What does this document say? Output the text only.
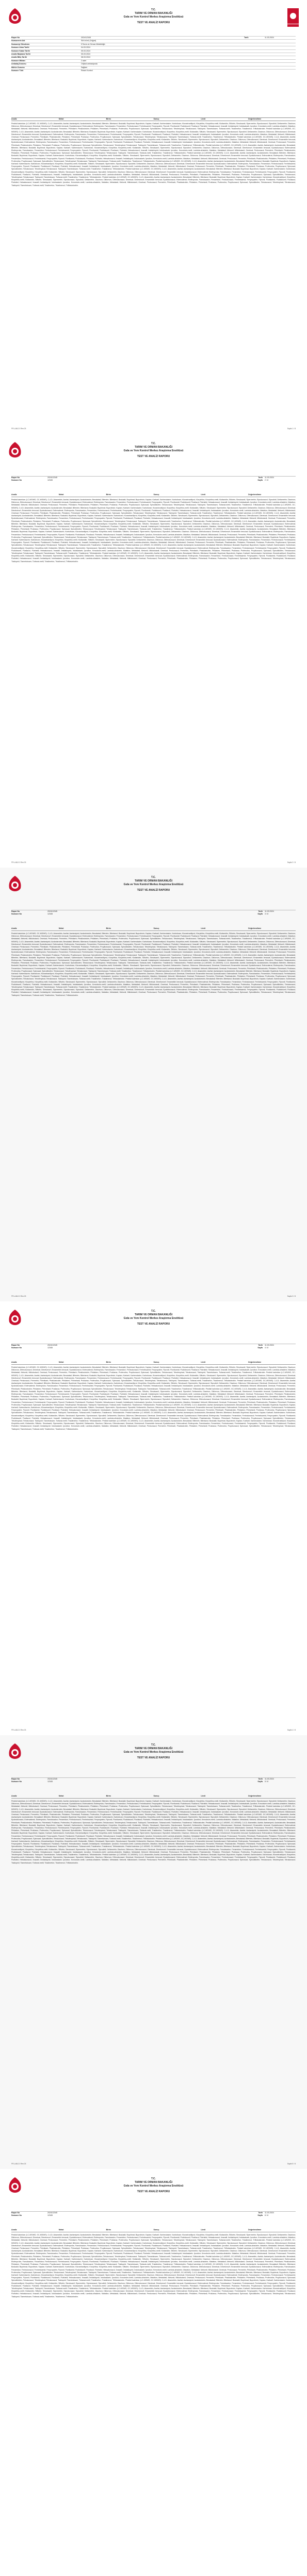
T.C.
TARIM VE ORMAN BAKANLIĞI
Gıda ve Yem Kontrol Merkez Araştırma Enstitüsü
TEST VE ANALİZ RAPORU
Rapor No	2024/12345	Tarih	11.03.2024
Numunenin Adı	Süt ürünü (Yoğurt)
Numuneyi Gönderen	İl Tarım ve Orman Müdürlüğü
Numune Alma Tarihi	04.03.2024
Numune Kabul Tarihi	05.03.2024
Analiz Başlama Tarihi	05.03.2024
Analiz Bitiş Tarihi	08.03.2024
Numune Miktarı	2 adet
Ambalaj Durumu	Orijinal ambalajında
Mühür Durumu	Sağlam
Numune Türü	Resmi Kontrol
Analiz	Metot	Birim	Sonuç	Limit	Değerlendirme
Pestisit kalıntıları (LC-MS/MS, GC-MS/MS): 2,4-D; Abamektin; Asefat; Asetamiprid; Azoksistrobin; Benalaksil; Bifentrin; Bitertanol; Boskalid; Bupirimat; Buprofezin; Kaptan; Karbaril; Karbendazim; Karbofuran; Klorantraniliprol; Klorpirifos; Klorpirifos-metil; Klotianidin; Siflutrin; Simoksanil; Sipermetrin; Siprokonazol; Siprodinil; Deltametrin; Diazinon; Diklorvos; Difenokonazol; Dimetoat; Dimetomorf; Emamektin benzoat; Epoksikonazol; Esfenvalerat; Etofenproks; Famoksadon; Fenamidon; Fenbukonazol; Fenheksamid; Fenpropatrin; Fipronil; Flonikamid; Fludioksonil; Flusilazol; Flutriafol; Heksakonazol; İmazalil; İmidakloprid; İndoksakarb; İprodion; Krezoksim-metil; Lambda-sihalotrin; Malation; Metalaksil; Metomil; Miklobutanil; Ometoat; Penkonazol; Permetrin; Pirimikarb; Piraklostrobin; Piridaben; Pirimetanil; Proklaraz; Profenofos; Propikonazol; Spinosad; Spirodiklofen; Tebukonazol; Tebufenpirad; Tetrakonazol; Tiakloprid; Tiametoksam; Tiofanat-metil; Triadimefon; Triadimenol; Trifloksistrobin. Pestisit kalıntıları (LC-MS/MS, GC-MS/MS): 2,4-D; Abamektin; Asefat; Asetamiprid; Azoksistrobin; Benalaksil; Bifentrin; Bitertanol; Boskalid; Bupirimat; Buprofezin; Kaptan; Karbaril; Karbendazim; Karbofuran; Klorantraniliprol; Klorpirifos; Klorpirifos-metil; Klotianidin; Siflutrin; Simoksanil; Sipermetrin; Siprokonazol; Siprodinil; Deltametrin; Diazinon; Diklorvos; Difenokonazol; Dimetoat; Dimetomorf; Emamektin benzoat; Epoksikonazol; Esfenvalerat; Etofenproks; Famoksadon; Fenamidon; Fenbukonazol; Fenheksamid; Fenpropatrin; Fipronil; Flonikamid; Fludioksonil; Flusilazol; Flutriafol; Heksakonazol; İmazalil; İmidakloprid; İndoksakarb; İprodion; Krezoksim-metil; Lambda-sihalotrin; Malation; Metalaksil; Metomil; Miklobutanil; Ometoat; Penkonazol; Permetrin; Pirimikarb; Piraklostrobin; Piridaben; Pirimetanil; Proklaraz; Profenofos; Propikonazol; Spinosad; Spirodiklofen; Tebukonazol; Tebufenpirad; Tetrakonazol; Tiakloprid; Tiametoksam; Tiofanat-metil; Triadimefon; Triadimenol; Trifloksistrobin. Pestisit kalıntıları (LC-MS/MS, GC-MS/MS): 2,4-D; Abamektin; Asefat; Asetamiprid; Azoksistrobin; Benalaksil; Bifentrin; Bitertanol; Boskalid; Bupirimat; Buprofezin; Kaptan; Karbaril; Karbendazim; Karbofuran; Klorantraniliprol; Klorpirifos; Klorpirifos-metil; Klotianidin; Siflutrin; Simoksanil; Sipermetrin; Siprokonazol; Siprodinil; Deltametrin; Diazinon; Diklorvos; Difenokonazol; Dimetoat; Dimetomorf; Emamektin benzoat; Epoksikonazol; Esfenvalerat; Etofenproks; Famoksadon; Fenamidon; Fenbukonazol; Fenheksamid; Fenpropatrin; Fipronil; Flonikamid; Fludioksonil; Flusilazol; Flutriafol; Heksakonazol; İmazalil; İmidakloprid; İndoksakarb; İprodion; Krezoksim-metil; Lambda-sihalotrin; Malation; Metalaksil; Metomil; Miklobutanil; Ometoat; Penkonazol; Permetrin; Pirimikarb; Piraklostrobin; Piridaben; Pirimetanil; Proklaraz; Profenofos; Propikonazol; Spinosad; Spirodiklofen; Tebukonazol; Tebufenpirad; Tetrakonazol; Tiakloprid; Tiametoksam; Tiofanat-metil; Triadimefon; Triadimenol; Trifloksistrobin. Pestisit kalıntıları (LC-MS/MS, GC-MS/MS): 2,4-D; Abamektin; Asefat; Asetamiprid; Azoksistrobin; Benalaksil; Bifentrin; Bitertanol; Boskalid; Bupirimat; Buprofezin; Kaptan; Karbaril; Karbendazim; Karbofuran; Klorantraniliprol; Klorpirifos; Klorpirifos-metil; Klotianidin; Siflutrin; Simoksanil; Sipermetrin; Siprokonazol; Siprodinil; Deltametrin; Diazinon; Diklorvos; Difenokonazol; Dimetoat; Dimetomorf; Emamektin benzoat; Epoksikonazol; Esfenvalerat; Etofenproks; Famoksadon; Fenamidon; Fenbukonazol; Fenheksamid; Fenpropatrin; Fipronil; Flonikamid; Fludioksonil; Flusilazol; Flutriafol; Heksakonazol; İmazalil; İmidakloprid; İndoksakarb; İprodion; Krezoksim-metil; Lambda-sihalotrin; Malation; Metalaksil; Metomil; Miklobutanil; Ometoat; Penkonazol; Permetrin; Pirimikarb; Piraklostrobin; Piridaben; Pirimetanil; Proklaraz; Profenofos; Propikonazol; Spinosad; Spirodiklofen; Tebukonazol; Tebufenpirad; Tetrakonazol; Tiakloprid; Tiametoksam; Tiofanat-metil; Triadimefon; Triadimenol; Trifloksistrobin. Pestisit kalıntıları (LC-MS/MS, GC-MS/MS): 2,4-D; Abamektin; Asefat; Asetamiprid; Azoksistrobin; Benalaksil; Bifentrin; Bitertanol; Boskalid; Bupirimat; Buprofezin; Kaptan; Karbaril; Karbendazim; Karbofuran; Klorantraniliprol; Klorpirifos; Klorpirifos-metil; Klotianidin; Siflutrin; Simoksanil; Sipermetrin; Siprokonazol; Siprodinil; Deltametrin; Diazinon; Diklorvos; Difenokonazol; Dimetoat; Dimetomorf; Emamektin benzoat; Epoksikonazol; Esfenvalerat; Etofenproks; Famoksadon; Fenamidon; Fenbukonazol; Fenheksamid; Fenpropatrin; Fipronil; Flonikamid; Fludioksonil; Flusilazol; Flutriafol; Heksakonazol; İmazalil; İmidakloprid; İndoksakarb; İprodion; Krezoksim-metil; Lambda-sihalotrin; Malation; Metalaksil; Metomil; Miklobutanil; Ometoat; Penkonazol; Permetrin; Pirimikarb; Piraklostrobin; Piridaben; Pirimetanil; Proklaraz; Profenofos; Propikonazol; Spinosad; Spirodiklofen; Tebukonazol; Tebufenpirad; Tetrakonazol; Tiakloprid; Tiametoksam; Tiofanat-metil; Triadimefon; Triadimenol; Trifloksistrobin. Pestisit kalıntıları (LC-MS/MS, GC-MS/MS): 2,4-D; Abamektin; Asefat; Asetamiprid; Azoksistrobin; Benalaksil; Bifentrin; Bitertanol; Boskalid; Bupirimat; Buprofezin; Kaptan; Karbaril; Karbendazim; Karbofuran; Klorantraniliprol; Klorpirifos; Klorpirifos-metil; Klotianidin; Siflutrin; Simoksanil; Sipermetrin; Siprokonazol; Siprodinil; Deltametrin; Diazinon; Diklorvos; Difenokonazol; Dimetoat; Dimetomorf; Emamektin benzoat; Epoksikonazol; Esfenvalerat; Etofenproks; Famoksadon; Fenamidon; Fenbukonazol; Fenheksamid; Fenpropatrin; Fipronil; Flonikamid; Fludioksonil; Flusilazol; Flutriafol; Heksakonazol; İmazalil; İmidakloprid; İndoksakarb; İprodion; Krezoksim-metil; Lambda-sihalotrin; Malation; Metalaksil; Metomil; Miklobutanil; Ometoat; Penkonazol; Permetrin; Pirimikarb; Piraklostrobin; Piridaben; Pirimetanil; Proklaraz; Profenofos; Propikonazol; Spinosad; Spirodiklofen; Tebukonazol; Tebufenpirad; Tetrakonazol; Tiakloprid; Tiametoksam; Tiofanat-metil; Triadimefon; Triadimenol; Trifloksistrobin. Pestisit kalıntıları (LC-MS/MS, GC-MS/MS): 2,4-D; Abamektin; Asefat; Asetamiprid; Azoksistrobin; Benalaksil; Bifentrin; Bitertanol; Boskalid; Bupirimat; Buprofezin; Kaptan; Karbaril; Karbendazim; Karbofuran; Klorantraniliprol; Klorpirifos; Klorpirifos-metil; Klotianidin; Siflutrin; Simoksanil; Sipermetrin; Siprokonazol; Siprodinil; Deltametrin; Diazinon; Diklorvos; Difenokonazol; Dimetoat; Dimetomorf; Emamektin benzoat; Epoksikonazol; Esfenvalerat; Etofenproks; Famoksadon; Fenamidon; Fenbukonazol; Fenheksamid; Fenpropatrin; Fipronil; Flonikamid; Fludioksonil; Flusilazol; Flutriafol; Heksakonazol; İmazalil; İmidakloprid; İndoksakarb; İprodion; Krezoksim-metil; Lambda-sihalotrin; Malation; Metalaksil; Metomil; Miklobutanil; Ometoat; Penkonazol; Permetrin; Pirimikarb; Piraklostrobin; Piridaben; Pirimetanil; Proklaraz; Profenofos; Propikonazol; Spinosad; Spirodiklofen; Tebukonazol; Tebufenpirad; Tetrakonazol; Tiakloprid; Tiametoksam; Tiofanat-metil; Triadimefon; Triadimenol; Trifloksistrobin. Pestisit kalıntıları (LC-MS/MS, GC-MS/MS): 2,4-D; Abamektin; Asefat; Asetamiprid; Azoksistrobin; Benalaksil; Bifentrin; Bitertanol; Boskalid; Bupirimat; Buprofezin; Kaptan; Karbaril; Karbendazim; Karbofuran; Klorantraniliprol; Klorpirifos; Klorpirifos-metil; Klotianidin; Siflutrin; Simoksanil; Sipermetrin; Siprokonazol; Siprodinil; Deltametrin; Diazinon; Diklorvos; Difenokonazol; Dimetoat; Dimetomorf; Emamektin benzoat; Epoksikonazol; Esfenvalerat; Etofenproks; Famoksadon; Fenamidon; Fenbukonazol; Fenheksamid; Fenpropatrin; Fipronil; Flonikamid; Fludioksonil; Flusilazol; Flutriafol; Heksakonazol; İmazalil; İmidakloprid; İndoksakarb; İprodion; Krezoksim-metil; Lambda-sihalotrin; Malation; Metalaksil; Metomil; Miklobutanil; Ometoat; Penkonazol; Permetrin; Pirimikarb; Piraklostrobin; Piridaben; Pirimetanil; Proklaraz; Profenofos; Propikonazol; Spinosad; Spirodiklofen; Tebukonazol; Tebufenpirad; Tetrakonazol; Tiakloprid; Tiametoksam; Tiofanat-metil; Triadimefon; Triadimenol; Trifloksistrobin.
FR-LAB-21 Rev.03	Sayfa 1 / 8
T.C.
TARIM VE ORMAN BAKANLIĞI
Gıda ve Yem Kontrol Merkez Araştırma Enstitüsü
TEST VE ANALİZ RAPORU
Rapor No	2024/12345	Tarih	11.03.2024
Numune No	12345	Sayfa	2 / 8
Analiz	Metot	Birim	Sonuç	Limit	Değerlendirme
Pestisit kalıntıları (LC-MS/MS, GC-MS/MS): 2,4-D; Abamektin; Asefat; Asetamiprid; Azoksistrobin; Benalaksil; Bifentrin; Bitertanol; Boskalid; Bupirimat; Buprofezin; Kaptan; Karbaril; Karbendazim; Karbofuran; Klorantraniliprol; Klorpirifos; Klorpirifos-metil; Klotianidin; Siflutrin; Simoksanil; Sipermetrin; Siprokonazol; Siprodinil; Deltametrin; Diazinon; Diklorvos; Difenokonazol; Dimetoat; Dimetomorf; Emamektin benzoat; Epoksikonazol; Esfenvalerat; Etofenproks; Famoksadon; Fenamidon; Fenbukonazol; Fenheksamid; Fenpropatrin; Fipronil; Flonikamid; Fludioksonil; Flusilazol; Flutriafol; Heksakonazol; İmazalil; İmidakloprid; İndoksakarb; İprodion; Krezoksim-metil; Lambda-sihalotrin; Malation; Metalaksil; Metomil; Miklobutanil; Ometoat; Penkonazol; Permetrin; Pirimikarb; Piraklostrobin; Piridaben; Pirimetanil; Proklaraz; Profenofos; Propikonazol; Spinosad; Spirodiklofen; Tebukonazol; Tebufenpirad; Tetrakonazol; Tiakloprid; Tiametoksam; Tiofanat-metil; Triadimefon; Triadimenol; Trifloksistrobin. Pestisit kalıntıları (LC-MS/MS, GC-MS/MS): 2,4-D; Abamektin; Asefat; Asetamiprid; Azoksistrobin; Benalaksil; Bifentrin; Bitertanol; Boskalid; Bupirimat; Buprofezin; Kaptan; Karbaril; Karbendazim; Karbofuran; Klorantraniliprol; Klorpirifos; Klorpirifos-metil; Klotianidin; Siflutrin; Simoksanil; Sipermetrin; Siprokonazol; Siprodinil; Deltametrin; Diazinon; Diklorvos; Difenokonazol; Dimetoat; Dimetomorf; Emamektin benzoat; Epoksikonazol; Esfenvalerat; Etofenproks; Famoksadon; Fenamidon; Fenbukonazol; Fenheksamid; Fenpropatrin; Fipronil; Flonikamid; Fludioksonil; Flusilazol; Flutriafol; Heksakonazol; İmazalil; İmidakloprid; İndoksakarb; İprodion; Krezoksim-metil; Lambda-sihalotrin; Malation; Metalaksil; Metomil; Miklobutanil; Ometoat; Penkonazol; Permetrin; Pirimikarb; Piraklostrobin; Piridaben; Pirimetanil; Proklaraz; Profenofos; Propikonazol; Spinosad; Spirodiklofen; Tebukonazol; Tebufenpirad; Tetrakonazol; Tiakloprid; Tiametoksam; Tiofanat-metil; Triadimefon; Triadimenol; Trifloksistrobin. Pestisit kalıntıları (LC-MS/MS, GC-MS/MS): 2,4-D; Abamektin; Asefat; Asetamiprid; Azoksistrobin; Benalaksil; Bifentrin; Bitertanol; Boskalid; Bupirimat; Buprofezin; Kaptan; Karbaril; Karbendazim; Karbofuran; Klorantraniliprol; Klorpirifos; Klorpirifos-metil; Klotianidin; Siflutrin; Simoksanil; Sipermetrin; Siprokonazol; Siprodinil; Deltametrin; Diazinon; Diklorvos; Difenokonazol; Dimetoat; Dimetomorf; Emamektin benzoat; Epoksikonazol; Esfenvalerat; Etofenproks; Famoksadon; Fenamidon; Fenbukonazol; Fenheksamid; Fenpropatrin; Fipronil; Flonikamid; Fludioksonil; Flusilazol; Flutriafol; Heksakonazol; İmazalil; İmidakloprid; İndoksakarb; İprodion; Krezoksim-metil; Lambda-sihalotrin; Malation; Metalaksil; Metomil; Miklobutanil; Ometoat; Penkonazol; Permetrin; Pirimikarb; Piraklostrobin; Piridaben; Pirimetanil; Proklaraz; Profenofos; Propikonazol; Spinosad; Spirodiklofen; Tebukonazol; Tebufenpirad; Tetrakonazol; Tiakloprid; Tiametoksam; Tiofanat-metil; Triadimefon; Triadimenol; Trifloksistrobin. Pestisit kalıntıları (LC-MS/MS, GC-MS/MS): 2,4-D; Abamektin; Asefat; Asetamiprid; Azoksistrobin; Benalaksil; Bifentrin; Bitertanol; Boskalid; Bupirimat; Buprofezin; Kaptan; Karbaril; Karbendazim; Karbofuran; Klorantraniliprol; Klorpirifos; Klorpirifos-metil; Klotianidin; Siflutrin; Simoksanil; Sipermetrin; Siprokonazol; Siprodinil; Deltametrin; Diazinon; Diklorvos; Difenokonazol; Dimetoat; Dimetomorf; Emamektin benzoat; Epoksikonazol; Esfenvalerat; Etofenproks; Famoksadon; Fenamidon; Fenbukonazol; Fenheksamid; Fenpropatrin; Fipronil; Flonikamid; Fludioksonil; Flusilazol; Flutriafol; Heksakonazol; İmazalil; İmidakloprid; İndoksakarb; İprodion; Krezoksim-metil; Lambda-sihalotrin; Malation; Metalaksil; Metomil; Miklobutanil; Ometoat; Penkonazol; Permetrin; Pirimikarb; Piraklostrobin; Piridaben; Pirimetanil; Proklaraz; Profenofos; Propikonazol; Spinosad; Spirodiklofen; Tebukonazol; Tebufenpirad; Tetrakonazol; Tiakloprid; Tiametoksam; Tiofanat-metil; Triadimefon; Triadimenol; Trifloksistrobin. Pestisit kalıntıları (LC-MS/MS, GC-MS/MS): 2,4-D; Abamektin; Asefat; Asetamiprid; Azoksistrobin; Benalaksil; Bifentrin; Bitertanol; Boskalid; Bupirimat; Buprofezin; Kaptan; Karbaril; Karbendazim; Karbofuran; Klorantraniliprol; Klorpirifos; Klorpirifos-metil; Klotianidin; Siflutrin; Simoksanil; Sipermetrin; Siprokonazol; Siprodinil; Deltametrin; Diazinon; Diklorvos; Difenokonazol; Dimetoat; Dimetomorf; Emamektin benzoat; Epoksikonazol; Esfenvalerat; Etofenproks; Famoksadon; Fenamidon; Fenbukonazol; Fenheksamid; Fenpropatrin; Fipronil; Flonikamid; Fludioksonil; Flusilazol; Flutriafol; Heksakonazol; İmazalil; İmidakloprid; İndoksakarb; İprodion; Krezoksim-metil; Lambda-sihalotrin; Malation; Metalaksil; Metomil; Miklobutanil; Ometoat; Penkonazol; Permetrin; Pirimikarb; Piraklostrobin; Piridaben; Pirimetanil; Proklaraz; Profenofos; Propikonazol; Spinosad; Spirodiklofen; Tebukonazol; Tebufenpirad; Tetrakonazol; Tiakloprid; Tiametoksam; Tiofanat-metil; Triadimefon; Triadimenol; Trifloksistrobin. Pestisit kalıntıları (LC-MS/MS, GC-MS/MS): 2,4-D; Abamektin; Asefat; Asetamiprid; Azoksistrobin; Benalaksil; Bifentrin; Bitertanol; Boskalid; Bupirimat; Buprofezin; Kaptan; Karbaril; Karbendazim; Karbofuran; Klorantraniliprol; Klorpirifos; Klorpirifos-metil; Klotianidin; Siflutrin; Simoksanil; Sipermetrin; Siprokonazol; Siprodinil; Deltametrin; Diazinon; Diklorvos; Difenokonazol; Dimetoat; Dimetomorf; Emamektin benzoat; Epoksikonazol; Esfenvalerat; Etofenproks; Famoksadon; Fenamidon; Fenbukonazol; Fenheksamid; Fenpropatrin; Fipronil; Flonikamid; Fludioksonil; Flusilazol; Flutriafol; Heksakonazol; İmazalil; İmidakloprid; İndoksakarb; İprodion; Krezoksim-metil; Lambda-sihalotrin; Malation; Metalaksil; Metomil; Miklobutanil; Ometoat; Penkonazol; Permetrin; Pirimikarb; Piraklostrobin; Piridaben; Pirimetanil; Proklaraz; Profenofos; Propikonazol; Spinosad; Spirodiklofen; Tebukonazol; Tebufenpirad; Tetrakonazol; Tiakloprid; Tiametoksam; Tiofanat-metil; Triadimefon; Triadimenol; Trifloksistrobin. Pestisit kalıntıları (LC-MS/MS, GC-MS/MS): 2,4-D; Abamektin; Asefat; Asetamiprid; Azoksistrobin; Benalaksil; Bifentrin; Bitertanol; Boskalid; Bupirimat; Buprofezin; Kaptan; Karbaril; Karbendazim; Karbofuran; Klorantraniliprol; Klorpirifos; Klorpirifos-metil; Klotianidin; Siflutrin; Simoksanil; Sipermetrin; Siprokonazol; Siprodinil; Deltametrin; Diazinon; Diklorvos; Difenokonazol; Dimetoat; Dimetomorf; Emamektin benzoat; Epoksikonazol; Esfenvalerat; Etofenproks; Famoksadon; Fenamidon; Fenbukonazol; Fenheksamid; Fenpropatrin; Fipronil; Flonikamid; Fludioksonil; Flusilazol; Flutriafol; Heksakonazol; İmazalil; İmidakloprid; İndoksakarb; İprodion; Krezoksim-metil; Lambda-sihalotrin; Malation; Metalaksil; Metomil; Miklobutanil; Ometoat; Penkonazol; Permetrin; Pirimikarb; Piraklostrobin; Piridaben; Pirimetanil; Proklaraz; Profenofos; Propikonazol; Spinosad; Spirodiklofen; Tebukonazol; Tebufenpirad; Tetrakonazol; Tiakloprid; Tiametoksam; Tiofanat-metil; Triadimefon; Triadimenol; Trifloksistrobin. Pestisit kalıntıları (LC-MS/MS, GC-MS/MS): 2,4-D; Abamektin; Asefat; Asetamiprid; Azoksistrobin; Benalaksil; Bifentrin; Bitertanol; Boskalid; Bupirimat; Buprofezin; Kaptan; Karbaril; Karbendazim; Karbofuran; Klorantraniliprol; Klorpirifos; Klorpirifos-metil; Klotianidin; Siflutrin; Simoksanil; Sipermetrin; Siprokonazol; Siprodinil; Deltametrin; Diazinon; Diklorvos; Difenokonazol; Dimetoat; Dimetomorf; Emamektin benzoat; Epoksikonazol; Esfenvalerat; Etofenproks; Famoksadon; Fenamidon; Fenbukonazol; Fenheksamid; Fenpropatrin; Fipronil; Flonikamid; Fludioksonil; Flusilazol; Flutriafol; Heksakonazol; İmazalil; İmidakloprid; İndoksakarb; İprodion; Krezoksim-metil; Lambda-sihalotrin; Malation; Metalaksil; Metomil; Miklobutanil; Ometoat; Penkonazol; Permetrin; Pirimikarb; Piraklostrobin; Piridaben; Pirimetanil; Proklaraz; Profenofos; Propikonazol; Spinosad; Spirodiklofen; Tebukonazol; Tebufenpirad; Tetrakonazol; Tiakloprid; Tiametoksam; Tiofanat-metil; Triadimefon; Triadimenol; Trifloksistrobin.
FR-LAB-21 Rev.03	Sayfa 2 / 8
T.C.
TARIM VE ORMAN BAKANLIĞI
Gıda ve Yem Kontrol Merkez Araştırma Enstitüsü
TEST VE ANALİZ RAPORU
Rapor No	2024/12345	Tarih	11.03.2024
Numune No	12345	Sayfa	3 / 8
Analiz	Metot	Birim	Sonuç	Limit	Değerlendirme
Pestisit kalıntıları (LC-MS/MS, GC-MS/MS): 2,4-D; Abamektin; Asefat; Asetamiprid; Azoksistrobin; Benalaksil; Bifentrin; Bitertanol; Boskalid; Bupirimat; Buprofezin; Kaptan; Karbaril; Karbendazim; Karbofuran; Klorantraniliprol; Klorpirifos; Klorpirifos-metil; Klotianidin; Siflutrin; Simoksanil; Sipermetrin; Siprokonazol; Siprodinil; Deltametrin; Diazinon; Diklorvos; Difenokonazol; Dimetoat; Dimetomorf; Emamektin benzoat; Epoksikonazol; Esfenvalerat; Etofenproks; Famoksadon; Fenamidon; Fenbukonazol; Fenheksamid; Fenpropatrin; Fipronil; Flonikamid; Fludioksonil; Flusilazol; Flutriafol; Heksakonazol; İmazalil; İmidakloprid; İndoksakarb; İprodion; Krezoksim-metil; Lambda-sihalotrin; Malation; Metalaksil; Metomil; Miklobutanil; Ometoat; Penkonazol; Permetrin; Pirimikarb; Piraklostrobin; Piridaben; Pirimetanil; Proklaraz; Profenofos; Propikonazol; Spinosad; Spirodiklofen; Tebukonazol; Tebufenpirad; Tetrakonazol; Tiakloprid; Tiametoksam; Tiofanat-metil; Triadimefon; Triadimenol; Trifloksistrobin. Pestisit kalıntıları (LC-MS/MS, GC-MS/MS): 2,4-D; Abamektin; Asefat; Asetamiprid; Azoksistrobin; Benalaksil; Bifentrin; Bitertanol; Boskalid; Bupirimat; Buprofezin; Kaptan; Karbaril; Karbendazim; Karbofuran; Klorantraniliprol; Klorpirifos; Klorpirifos-metil; Klotianidin; Siflutrin; Simoksanil; Sipermetrin; Siprokonazol; Siprodinil; Deltametrin; Diazinon; Diklorvos; Difenokonazol; Dimetoat; Dimetomorf; Emamektin benzoat; Epoksikonazol; Esfenvalerat; Etofenproks; Famoksadon; Fenamidon; Fenbukonazol; Fenheksamid; Fenpropatrin; Fipronil; Flonikamid; Fludioksonil; Flusilazol; Flutriafol; Heksakonazol; İmazalil; İmidakloprid; İndoksakarb; İprodion; Krezoksim-metil; Lambda-sihalotrin; Malation; Metalaksil; Metomil; Miklobutanil; Ometoat; Penkonazol; Permetrin; Pirimikarb; Piraklostrobin; Piridaben; Pirimetanil; Proklaraz; Profenofos; Propikonazol; Spinosad; Spirodiklofen; Tebukonazol; Tebufenpirad; Tetrakonazol; Tiakloprid; Tiametoksam; Tiofanat-metil; Triadimefon; Triadimenol; Trifloksistrobin. Pestisit kalıntıları (LC-MS/MS, GC-MS/MS): 2,4-D; Abamektin; Asefat; Asetamiprid; Azoksistrobin; Benalaksil; Bifentrin; Bitertanol; Boskalid; Bupirimat; Buprofezin; Kaptan; Karbaril; Karbendazim; Karbofuran; Klorantraniliprol; Klorpirifos; Klorpirifos-metil; Klotianidin; Siflutrin; Simoksanil; Sipermetrin; Siprokonazol; Siprodinil; Deltametrin; Diazinon; Diklorvos; Difenokonazol; Dimetoat; Dimetomorf; Emamektin benzoat; Epoksikonazol; Esfenvalerat; Etofenproks; Famoksadon; Fenamidon; Fenbukonazol; Fenheksamid; Fenpropatrin; Fipronil; Flonikamid; Fludioksonil; Flusilazol; Flutriafol; Heksakonazol; İmazalil; İmidakloprid; İndoksakarb; İprodion; Krezoksim-metil; Lambda-sihalotrin; Malation; Metalaksil; Metomil; Miklobutanil; Ometoat; Penkonazol; Permetrin; Pirimikarb; Piraklostrobin; Piridaben; Pirimetanil; Proklaraz; Profenofos; Propikonazol; Spinosad; Spirodiklofen; Tebukonazol; Tebufenpirad; Tetrakonazol; Tiakloprid; Tiametoksam; Tiofanat-metil; Triadimefon; Triadimenol; Trifloksistrobin. Pestisit kalıntıları (LC-MS/MS, GC-MS/MS): 2,4-D; Abamektin; Asefat; Asetamiprid; Azoksistrobin; Benalaksil; Bifentrin; Bitertanol; Boskalid; Bupirimat; Buprofezin; Kaptan; Karbaril; Karbendazim; Karbofuran; Klorantraniliprol; Klorpirifos; Klorpirifos-metil; Klotianidin; Siflutrin; Simoksanil; Sipermetrin; Siprokonazol; Siprodinil; Deltametrin; Diazinon; Diklorvos; Difenokonazol; Dimetoat; Dimetomorf; Emamektin benzoat; Epoksikonazol; Esfenvalerat; Etofenproks; Famoksadon; Fenamidon; Fenbukonazol; Fenheksamid; Fenpropatrin; Fipronil; Flonikamid; Fludioksonil; Flusilazol; Flutriafol; Heksakonazol; İmazalil; İmidakloprid; İndoksakarb; İprodion; Krezoksim-metil; Lambda-sihalotrin; Malation; Metalaksil; Metomil; Miklobutanil; Ometoat; Penkonazol; Permetrin; Pirimikarb; Piraklostrobin; Piridaben; Pirimetanil; Proklaraz; Profenofos; Propikonazol; Spinosad; Spirodiklofen; Tebukonazol; Tebufenpirad; Tetrakonazol; Tiakloprid; Tiametoksam; Tiofanat-metil; Triadimefon; Triadimenol; Trifloksistrobin. Pestisit kalıntıları (LC-MS/MS, GC-MS/MS): 2,4-D; Abamektin; Asefat; Asetamiprid; Azoksistrobin; Benalaksil; Bifentrin; Bitertanol; Boskalid; Bupirimat; Buprofezin; Kaptan; Karbaril; Karbendazim; Karbofuran; Klorantraniliprol; Klorpirifos; Klorpirifos-metil; Klotianidin; Siflutrin; Simoksanil; Sipermetrin; Siprokonazol; Siprodinil; Deltametrin; Diazinon; Diklorvos; Difenokonazol; Dimetoat; Dimetomorf; Emamektin benzoat; Epoksikonazol; Esfenvalerat; Etofenproks; Famoksadon; Fenamidon; Fenbukonazol; Fenheksamid; Fenpropatrin; Fipronil; Flonikamid; Fludioksonil; Flusilazol; Flutriafol; Heksakonazol; İmazalil; İmidakloprid; İndoksakarb; İprodion; Krezoksim-metil; Lambda-sihalotrin; Malation; Metalaksil; Metomil; Miklobutanil; Ometoat; Penkonazol; Permetrin; Pirimikarb; Piraklostrobin; Piridaben; Pirimetanil; Proklaraz; Profenofos; Propikonazol; Spinosad; Spirodiklofen; Tebukonazol; Tebufenpirad; Tetrakonazol; Tiakloprid; Tiametoksam; Tiofanat-metil; Triadimefon; Triadimenol; Trifloksistrobin. Pestisit kalıntıları (LC-MS/MS, GC-MS/MS): 2,4-D; Abamektin; Asefat; Asetamiprid; Azoksistrobin; Benalaksil; Bifentrin; Bitertanol; Boskalid; Bupirimat; Buprofezin; Kaptan; Karbaril; Karbendazim; Karbofuran; Klorantraniliprol; Klorpirifos; Klorpirifos-metil; Klotianidin; Siflutrin; Simoksanil; Sipermetrin; Siprokonazol; Siprodinil; Deltametrin; Diazinon; Diklorvos; Difenokonazol; Dimetoat; Dimetomorf; Emamektin benzoat; Epoksikonazol; Esfenvalerat; Etofenproks; Famoksadon; Fenamidon; Fenbukonazol; Fenheksamid; Fenpropatrin; Fipronil; Flonikamid; Fludioksonil; Flusilazol; Flutriafol; Heksakonazol; İmazalil; İmidakloprid; İndoksakarb; İprodion; Krezoksim-metil; Lambda-sihalotrin; Malation; Metalaksil; Metomil; Miklobutanil; Ometoat; Penkonazol; Permetrin; Pirimikarb; Piraklostrobin; Piridaben; Pirimetanil; Proklaraz; Profenofos; Propikonazol; Spinosad; Spirodiklofen; Tebukonazol; Tebufenpirad; Tetrakonazol; Tiakloprid; Tiametoksam; Tiofanat-metil; Triadimefon; Triadimenol; Trifloksistrobin. Pestisit kalıntıları (LC-MS/MS, GC-MS/MS): 2,4-D; Abamektin; Asefat; Asetamiprid; Azoksistrobin; Benalaksil; Bifentrin; Bitertanol; Boskalid; Bupirimat; Buprofezin; Kaptan; Karbaril; Karbendazim; Karbofuran; Klorantraniliprol; Klorpirifos; Klorpirifos-metil; Klotianidin; Siflutrin; Simoksanil; Sipermetrin; Siprokonazol; Siprodinil; Deltametrin; Diazinon; Diklorvos; Difenokonazol; Dimetoat; Dimetomorf; Emamektin benzoat; Epoksikonazol; Esfenvalerat; Etofenproks; Famoksadon; Fenamidon; Fenbukonazol; Fenheksamid; Fenpropatrin; Fipronil; Flonikamid; Fludioksonil; Flusilazol; Flutriafol; Heksakonazol; İmazalil; İmidakloprid; İndoksakarb; İprodion; Krezoksim-metil; Lambda-sihalotrin; Malation; Metalaksil; Metomil; Miklobutanil; Ometoat; Penkonazol; Permetrin; Pirimikarb; Piraklostrobin; Piridaben; Pirimetanil; Proklaraz; Profenofos; Propikonazol; Spinosad; Spirodiklofen; Tebukonazol; Tebufenpirad; Tetrakonazol; Tiakloprid; Tiametoksam; Tiofanat-metil; Triadimefon; Triadimenol; Trifloksistrobin. Pestisit kalıntıları (LC-MS/MS, GC-MS/MS): 2,4-D; Abamektin; Asefat; Asetamiprid; Azoksistrobin; Benalaksil; Bifentrin; Bitertanol; Boskalid; Bupirimat; Buprofezin; Kaptan; Karbaril; Karbendazim; Karbofuran; Klorantraniliprol; Klorpirifos; Klorpirifos-metil; Klotianidin; Siflutrin; Simoksanil; Sipermetrin; Siprokonazol; Siprodinil; Deltametrin; Diazinon; Diklorvos; Difenokonazol; Dimetoat; Dimetomorf; Emamektin benzoat; Epoksikonazol; Esfenvalerat; Etofenproks; Famoksadon; Fenamidon; Fenbukonazol; Fenheksamid; Fenpropatrin; Fipronil; Flonikamid; Fludioksonil; Flusilazol; Flutriafol; Heksakonazol; İmazalil; İmidakloprid; İndoksakarb; İprodion; Krezoksim-metil; Lambda-sihalotrin; Malation; Metalaksil; Metomil; Miklobutanil; Ometoat; Penkonazol; Permetrin; Pirimikarb; Piraklostrobin; Piridaben; Pirimetanil; Proklaraz; Profenofos; Propikonazol; Spinosad; Spirodiklofen; Tebukonazol; Tebufenpirad; Tetrakonazol; Tiakloprid; Tiametoksam; Tiofanat-metil; Triadimefon; Triadimenol; Trifloksistrobin.
FR-LAB-21 Rev.03	Sayfa 3 / 8
T.C.
TARIM VE ORMAN BAKANLIĞI
Gıda ve Yem Kontrol Merkez Araştırma Enstitüsü
TEST VE ANALİZ RAPORU
Rapor No	2024/12345	Tarih	11.03.2024
Numune No	12345	Sayfa	4 / 8
Analiz	Metot	Birim	Sonuç	Limit	Değerlendirme
Pestisit kalıntıları (LC-MS/MS, GC-MS/MS): 2,4-D; Abamektin; Asefat; Asetamiprid; Azoksistrobin; Benalaksil; Bifentrin; Bitertanol; Boskalid; Bupirimat; Buprofezin; Kaptan; Karbaril; Karbendazim; Karbofuran; Klorantraniliprol; Klorpirifos; Klorpirifos-metil; Klotianidin; Siflutrin; Simoksanil; Sipermetrin; Siprokonazol; Siprodinil; Deltametrin; Diazinon; Diklorvos; Difenokonazol; Dimetoat; Dimetomorf; Emamektin benzoat; Epoksikonazol; Esfenvalerat; Etofenproks; Famoksadon; Fenamidon; Fenbukonazol; Fenheksamid; Fenpropatrin; Fipronil; Flonikamid; Fludioksonil; Flusilazol; Flutriafol; Heksakonazol; İmazalil; İmidakloprid; İndoksakarb; İprodion; Krezoksim-metil; Lambda-sihalotrin; Malation; Metalaksil; Metomil; Miklobutanil; Ometoat; Penkonazol; Permetrin; Pirimikarb; Piraklostrobin; Piridaben; Pirimetanil; Proklaraz; Profenofos; Propikonazol; Spinosad; Spirodiklofen; Tebukonazol; Tebufenpirad; Tetrakonazol; Tiakloprid; Tiametoksam; Tiofanat-metil; Triadimefon; Triadimenol; Trifloksistrobin. Pestisit kalıntıları (LC-MS/MS, GC-MS/MS): 2,4-D; Abamektin; Asefat; Asetamiprid; Azoksistrobin; Benalaksil; Bifentrin; Bitertanol; Boskalid; Bupirimat; Buprofezin; Kaptan; Karbaril; Karbendazim; Karbofuran; Klorantraniliprol; Klorpirifos; Klorpirifos-metil; Klotianidin; Siflutrin; Simoksanil; Sipermetrin; Siprokonazol; Siprodinil; Deltametrin; Diazinon; Diklorvos; Difenokonazol; Dimetoat; Dimetomorf; Emamektin benzoat; Epoksikonazol; Esfenvalerat; Etofenproks; Famoksadon; Fenamidon; Fenbukonazol; Fenheksamid; Fenpropatrin; Fipronil; Flonikamid; Fludioksonil; Flusilazol; Flutriafol; Heksakonazol; İmazalil; İmidakloprid; İndoksakarb; İprodion; Krezoksim-metil; Lambda-sihalotrin; Malation; Metalaksil; Metomil; Miklobutanil; Ometoat; Penkonazol; Permetrin; Pirimikarb; Piraklostrobin; Piridaben; Pirimetanil; Proklaraz; Profenofos; Propikonazol; Spinosad; Spirodiklofen; Tebukonazol; Tebufenpirad; Tetrakonazol; Tiakloprid; Tiametoksam; Tiofanat-metil; Triadimefon; Triadimenol; Trifloksistrobin. Pestisit kalıntıları (LC-MS/MS, GC-MS/MS): 2,4-D; Abamektin; Asefat; Asetamiprid; Azoksistrobin; Benalaksil; Bifentrin; Bitertanol; Boskalid; Bupirimat; Buprofezin; Kaptan; Karbaril; Karbendazim; Karbofuran; Klorantraniliprol; Klorpirifos; Klorpirifos-metil; Klotianidin; Siflutrin; Simoksanil; Sipermetrin; Siprokonazol; Siprodinil; Deltametrin; Diazinon; Diklorvos; Difenokonazol; Dimetoat; Dimetomorf; Emamektin benzoat; Epoksikonazol; Esfenvalerat; Etofenproks; Famoksadon; Fenamidon; Fenbukonazol; Fenheksamid; Fenpropatrin; Fipronil; Flonikamid; Fludioksonil; Flusilazol; Flutriafol; Heksakonazol; İmazalil; İmidakloprid; İndoksakarb; İprodion; Krezoksim-metil; Lambda-sihalotrin; Malation; Metalaksil; Metomil; Miklobutanil; Ometoat; Penkonazol; Permetrin; Pirimikarb; Piraklostrobin; Piridaben; Pirimetanil; Proklaraz; Profenofos; Propikonazol; Spinosad; Spirodiklofen; Tebukonazol; Tebufenpirad; Tetrakonazol; Tiakloprid; Tiametoksam; Tiofanat-metil; Triadimefon; Triadimenol; Trifloksistrobin. Pestisit kalıntıları (LC-MS/MS, GC-MS/MS): 2,4-D; Abamektin; Asefat; Asetamiprid; Azoksistrobin; Benalaksil; Bifentrin; Bitertanol; Boskalid; Bupirimat; Buprofezin; Kaptan; Karbaril; Karbendazim; Karbofuran; Klorantraniliprol; Klorpirifos; Klorpirifos-metil; Klotianidin; Siflutrin; Simoksanil; Sipermetrin; Siprokonazol; Siprodinil; Deltametrin; Diazinon; Diklorvos; Difenokonazol; Dimetoat; Dimetomorf; Emamektin benzoat; Epoksikonazol; Esfenvalerat; Etofenproks; Famoksadon; Fenamidon; Fenbukonazol; Fenheksamid; Fenpropatrin; Fipronil; Flonikamid; Fludioksonil; Flusilazol; Flutriafol; Heksakonazol; İmazalil; İmidakloprid; İndoksakarb; İprodion; Krezoksim-metil; Lambda-sihalotrin; Malation; Metalaksil; Metomil; Miklobutanil; Ometoat; Penkonazol; Permetrin; Pirimikarb; Piraklostrobin; Piridaben; Pirimetanil; Proklaraz; Profenofos; Propikonazol; Spinosad; Spirodiklofen; Tebukonazol; Tebufenpirad; Tetrakonazol; Tiakloprid; Tiametoksam; Tiofanat-metil; Triadimefon; Triadimenol; Trifloksistrobin. Pestisit kalıntıları (LC-MS/MS, GC-MS/MS): 2,4-D; Abamektin; Asefat; Asetamiprid; Azoksistrobin; Benalaksil; Bifentrin; Bitertanol; Boskalid; Bupirimat; Buprofezin; Kaptan; Karbaril; Karbendazim; Karbofuran; Klorantraniliprol; Klorpirifos; Klorpirifos-metil; Klotianidin; Siflutrin; Simoksanil; Sipermetrin; Siprokonazol; Siprodinil; Deltametrin; Diazinon; Diklorvos; Difenokonazol; Dimetoat; Dimetomorf; Emamektin benzoat; Epoksikonazol; Esfenvalerat; Etofenproks; Famoksadon; Fenamidon; Fenbukonazol; Fenheksamid; Fenpropatrin; Fipronil; Flonikamid; Fludioksonil; Flusilazol; Flutriafol; Heksakonazol; İmazalil; İmidakloprid; İndoksakarb; İprodion; Krezoksim-metil; Lambda-sihalotrin; Malation; Metalaksil; Metomil; Miklobutanil; Ometoat; Penkonazol; Permetrin; Pirimikarb; Piraklostrobin; Piridaben; Pirimetanil; Proklaraz; Profenofos; Propikonazol; Spinosad; Spirodiklofen; Tebukonazol; Tebufenpirad; Tetrakonazol; Tiakloprid; Tiametoksam; Tiofanat-metil; Triadimefon; Triadimenol; Trifloksistrobin. Pestisit kalıntıları (LC-MS/MS, GC-MS/MS): 2,4-D; Abamektin; Asefat; Asetamiprid; Azoksistrobin; Benalaksil; Bifentrin; Bitertanol; Boskalid; Bupirimat; Buprofezin; Kaptan; Karbaril; Karbendazim; Karbofuran; Klorantraniliprol; Klorpirifos; Klorpirifos-metil; Klotianidin; Siflutrin; Simoksanil; Sipermetrin; Siprokonazol; Siprodinil; Deltametrin; Diazinon; Diklorvos; Difenokonazol; Dimetoat; Dimetomorf; Emamektin benzoat; Epoksikonazol; Esfenvalerat; Etofenproks; Famoksadon; Fenamidon; Fenbukonazol; Fenheksamid; Fenpropatrin; Fipronil; Flonikamid; Fludioksonil; Flusilazol; Flutriafol; Heksakonazol; İmazalil; İmidakloprid; İndoksakarb; İprodion; Krezoksim-metil; Lambda-sihalotrin; Malation; Metalaksil; Metomil; Miklobutanil; Ometoat; Penkonazol; Permetrin; Pirimikarb; Piraklostrobin; Piridaben; Pirimetanil; Proklaraz; Profenofos; Propikonazol; Spinosad; Spirodiklofen; Tebukonazol; Tebufenpirad; Tetrakonazol; Tiakloprid; Tiametoksam; Tiofanat-metil; Triadimefon; Triadimenol; Trifloksistrobin. Pestisit kalıntıları (LC-MS/MS, GC-MS/MS): 2,4-D; Abamektin; Asefat; Asetamiprid; Azoksistrobin; Benalaksil; Bifentrin; Bitertanol; Boskalid; Bupirimat; Buprofezin; Kaptan; Karbaril; Karbendazim; Karbofuran; Klorantraniliprol; Klorpirifos; Klorpirifos-metil; Klotianidin; Siflutrin; Simoksanil; Sipermetrin; Siprokonazol; Siprodinil; Deltametrin; Diazinon; Diklorvos; Difenokonazol; Dimetoat; Dimetomorf; Emamektin benzoat; Epoksikonazol; Esfenvalerat; Etofenproks; Famoksadon; Fenamidon; Fenbukonazol; Fenheksamid; Fenpropatrin; Fipronil; Flonikamid; Fludioksonil; Flusilazol; Flutriafol; Heksakonazol; İmazalil; İmidakloprid; İndoksakarb; İprodion; Krezoksim-metil; Lambda-sihalotrin; Malation; Metalaksil; Metomil; Miklobutanil; Ometoat; Penkonazol; Permetrin; Pirimikarb; Piraklostrobin; Piridaben; Pirimetanil; Proklaraz; Profenofos; Propikonazol; Spinosad; Spirodiklofen; Tebukonazol; Tebufenpirad; Tetrakonazol; Tiakloprid; Tiametoksam; Tiofanat-metil; Triadimefon; Triadimenol; Trifloksistrobin. Pestisit kalıntıları (LC-MS/MS, GC-MS/MS): 2,4-D; Abamektin; Asefat; Asetamiprid; Azoksistrobin; Benalaksil; Bifentrin; Bitertanol; Boskalid; Bupirimat; Buprofezin; Kaptan; Karbaril; Karbendazim; Karbofuran; Klorantraniliprol; Klorpirifos; Klorpirifos-metil; Klotianidin; Siflutrin; Simoksanil; Sipermetrin; Siprokonazol; Siprodinil; Deltametrin; Diazinon; Diklorvos; Difenokonazol; Dimetoat; Dimetomorf; Emamektin benzoat; Epoksikonazol; Esfenvalerat; Etofenproks; Famoksadon; Fenamidon; Fenbukonazol; Fenheksamid; Fenpropatrin; Fipronil; Flonikamid; Fludioksonil; Flusilazol; Flutriafol; Heksakonazol; İmazalil; İmidakloprid; İndoksakarb; İprodion; Krezoksim-metil; Lambda-sihalotrin; Malation; Metalaksil; Metomil; Miklobutanil; Ometoat; Penkonazol; Permetrin; Pirimikarb; Piraklostrobin; Piridaben; Pirimetanil; Proklaraz; Profenofos; Propikonazol; Spinosad; Spirodiklofen; Tebukonazol; Tebufenpirad; Tetrakonazol; Tiakloprid; Tiametoksam; Tiofanat-metil; Triadimefon; Triadimenol; Trifloksistrobin.
FR-LAB-21 Rev.03	Sayfa 4 / 8
T.C.
TARIM VE ORMAN BAKANLIĞI
Gıda ve Yem Kontrol Merkez Araştırma Enstitüsü
TEST VE ANALİZ RAPORU
Rapor No	2024/12345	Tarih	11.03.2024
Numune No	12345	Sayfa	5 / 8
Analiz	Metot	Birim	Sonuç	Limit	Değerlendirme
Pestisit kalıntıları (LC-MS/MS, GC-MS/MS): 2,4-D; Abamektin; Asefat; Asetamiprid; Azoksistrobin; Benalaksil; Bifentrin; Bitertanol; Boskalid; Bupirimat; Buprofezin; Kaptan; Karbaril; Karbendazim; Karbofuran; Klorantraniliprol; Klorpirifos; Klorpirifos-metil; Klotianidin; Siflutrin; Simoksanil; Sipermetrin; Siprokonazol; Siprodinil; Deltametrin; Diazinon; Diklorvos; Difenokonazol; Dimetoat; Dimetomorf; Emamektin benzoat; Epoksikonazol; Esfenvalerat; Etofenproks; Famoksadon; Fenamidon; Fenbukonazol; Fenheksamid; Fenpropatrin; Fipronil; Flonikamid; Fludioksonil; Flusilazol; Flutriafol; Heksakonazol; İmazalil; İmidakloprid; İndoksakarb; İprodion; Krezoksim-metil; Lambda-sihalotrin; Malation; Metalaksil; Metomil; Miklobutanil; Ometoat; Penkonazol; Permetrin; Pirimikarb; Piraklostrobin; Piridaben; Pirimetanil; Proklaraz; Profenofos; Propikonazol; Spinosad; Spirodiklofen; Tebukonazol; Tebufenpirad; Tetrakonazol; Tiakloprid; Tiametoksam; Tiofanat-metil; Triadimefon; Triadimenol; Trifloksistrobin. Pestisit kalıntıları (LC-MS/MS, GC-MS/MS): 2,4-D; Abamektin; Asefat; Asetamiprid; Azoksistrobin; Benalaksil; Bifentrin; Bitertanol; Boskalid; Bupirimat; Buprofezin; Kaptan; Karbaril; Karbendazim; Karbofuran; Klorantraniliprol; Klorpirifos; Klorpirifos-metil; Klotianidin; Siflutrin; Simoksanil; Sipermetrin; Siprokonazol; Siprodinil; Deltametrin; Diazinon; Diklorvos; Difenokonazol; Dimetoat; Dimetomorf; Emamektin benzoat; Epoksikonazol; Esfenvalerat; Etofenproks; Famoksadon; Fenamidon; Fenbukonazol; Fenheksamid; Fenpropatrin; Fipronil; Flonikamid; Fludioksonil; Flusilazol; Flutriafol; Heksakonazol; İmazalil; İmidakloprid; İndoksakarb; İprodion; Krezoksim-metil; Lambda-sihalotrin; Malation; Metalaksil; Metomil; Miklobutanil; Ometoat; Penkonazol; Permetrin; Pirimikarb; Piraklostrobin; Piridaben; Pirimetanil; Proklaraz; Profenofos; Propikonazol; Spinosad; Spirodiklofen; Tebukonazol; Tebufenpirad; Tetrakonazol; Tiakloprid; Tiametoksam; Tiofanat-metil; Triadimefon; Triadimenol; Trifloksistrobin. Pestisit kalıntıları (LC-MS/MS, GC-MS/MS): 2,4-D; Abamektin; Asefat; Asetamiprid; Azoksistrobin; Benalaksil; Bifentrin; Bitertanol; Boskalid; Bupirimat; Buprofezin; Kaptan; Karbaril; Karbendazim; Karbofuran; Klorantraniliprol; Klorpirifos; Klorpirifos-metil; Klotianidin; Siflutrin; Simoksanil; Sipermetrin; Siprokonazol; Siprodinil; Deltametrin; Diazinon; Diklorvos; Difenokonazol; Dimetoat; Dimetomorf; Emamektin benzoat; Epoksikonazol; Esfenvalerat; Etofenproks; Famoksadon; Fenamidon; Fenbukonazol; Fenheksamid; Fenpropatrin; Fipronil; Flonikamid; Fludioksonil; Flusilazol; Flutriafol; Heksakonazol; İmazalil; İmidakloprid; İndoksakarb; İprodion; Krezoksim-metil; Lambda-sihalotrin; Malation; Metalaksil; Metomil; Miklobutanil; Ometoat; Penkonazol; Permetrin; Pirimikarb; Piraklostrobin; Piridaben; Pirimetanil; Proklaraz; Profenofos; Propikonazol; Spinosad; Spirodiklofen; Tebukonazol; Tebufenpirad; Tetrakonazol; Tiakloprid; Tiametoksam; Tiofanat-metil; Triadimefon; Triadimenol; Trifloksistrobin. Pestisit kalıntıları (LC-MS/MS, GC-MS/MS): 2,4-D; Abamektin; Asefat; Asetamiprid; Azoksistrobin; Benalaksil; Bifentrin; Bitertanol; Boskalid; Bupirimat; Buprofezin; Kaptan; Karbaril; Karbendazim; Karbofuran; Klorantraniliprol; Klorpirifos; Klorpirifos-metil; Klotianidin; Siflutrin; Simoksanil; Sipermetrin; Siprokonazol; Siprodinil; Deltametrin; Diazinon; Diklorvos; Difenokonazol; Dimetoat; Dimetomorf; Emamektin benzoat; Epoksikonazol; Esfenvalerat; Etofenproks; Famoksadon; Fenamidon; Fenbukonazol; Fenheksamid; Fenpropatrin; Fipronil; Flonikamid; Fludioksonil; Flusilazol; Flutriafol; Heksakonazol; İmazalil; İmidakloprid; İndoksakarb; İprodion; Krezoksim-metil; Lambda-sihalotrin; Malation; Metalaksil; Metomil; Miklobutanil; Ometoat; Penkonazol; Permetrin; Pirimikarb; Piraklostrobin; Piridaben; Pirimetanil; Proklaraz; Profenofos; Propikonazol; Spinosad; Spirodiklofen; Tebukonazol; Tebufenpirad; Tetrakonazol; Tiakloprid; Tiametoksam; Tiofanat-metil; Triadimefon; Triadimenol; Trifloksistrobin. Pestisit kalıntıları (LC-MS/MS, GC-MS/MS): 2,4-D; Abamektin; Asefat; Asetamiprid; Azoksistrobin; Benalaksil; Bifentrin; Bitertanol; Boskalid; Bupirimat; Buprofezin; Kaptan; Karbaril; Karbendazim; Karbofuran; Klorantraniliprol; Klorpirifos; Klorpirifos-metil; Klotianidin; Siflutrin; Simoksanil; Sipermetrin; Siprokonazol; Siprodinil; Deltametrin; Diazinon; Diklorvos; Difenokonazol; Dimetoat; Dimetomorf; Emamektin benzoat; Epoksikonazol; Esfenvalerat; Etofenproks; Famoksadon; Fenamidon; Fenbukonazol; Fenheksamid; Fenpropatrin; Fipronil; Flonikamid; Fludioksonil; Flusilazol; Flutriafol; Heksakonazol; İmazalil; İmidakloprid; İndoksakarb; İprodion; Krezoksim-metil; Lambda-sihalotrin; Malation; Metalaksil; Metomil; Miklobutanil; Ometoat; Penkonazol; Permetrin; Pirimikarb; Piraklostrobin; Piridaben; Pirimetanil; Proklaraz; Profenofos; Propikonazol; Spinosad; Spirodiklofen; Tebukonazol; Tebufenpirad; Tetrakonazol; Tiakloprid; Tiametoksam; Tiofanat-metil; Triadimefon; Triadimenol; Trifloksistrobin. Pestisit kalıntıları (LC-MS/MS, GC-MS/MS): 2,4-D; Abamektin; Asefat; Asetamiprid; Azoksistrobin; Benalaksil; Bifentrin; Bitertanol; Boskalid; Bupirimat; Buprofezin; Kaptan; Karbaril; Karbendazim; Karbofuran; Klorantraniliprol; Klorpirifos; Klorpirifos-metil; Klotianidin; Siflutrin; Simoksanil; Sipermetrin; Siprokonazol; Siprodinil; Deltametrin; Diazinon; Diklorvos; Difenokonazol; Dimetoat; Dimetomorf; Emamektin benzoat; Epoksikonazol; Esfenvalerat; Etofenproks; Famoksadon; Fenamidon; Fenbukonazol; Fenheksamid; Fenpropatrin; Fipronil; Flonikamid; Fludioksonil; Flusilazol; Flutriafol; Heksakonazol; İmazalil; İmidakloprid; İndoksakarb; İprodion; Krezoksim-metil; Lambda-sihalotrin; Malation; Metalaksil; Metomil; Miklobutanil; Ometoat; Penkonazol; Permetrin; Pirimikarb; Piraklostrobin; Piridaben; Pirimetanil; Proklaraz; Profenofos; Propikonazol; Spinosad; Spirodiklofen; Tebukonazol; Tebufenpirad; Tetrakonazol; Tiakloprid; Tiametoksam; Tiofanat-metil; Triadimefon; Triadimenol; Trifloksistrobin. Pestisit kalıntıları (LC-MS/MS, GC-MS/MS): 2,4-D; Abamektin; Asefat; Asetamiprid; Azoksistrobin; Benalaksil; Bifentrin; Bitertanol; Boskalid; Bupirimat; Buprofezin; Kaptan; Karbaril; Karbendazim; Karbofuran; Klorantraniliprol; Klorpirifos; Klorpirifos-metil; Klotianidin; Siflutrin; Simoksanil; Sipermetrin; Siprokonazol; Siprodinil; Deltametrin; Diazinon; Diklorvos; Difenokonazol; Dimetoat; Dimetomorf; Emamektin benzoat; Epoksikonazol; Esfenvalerat; Etofenproks; Famoksadon; Fenamidon; Fenbukonazol; Fenheksamid; Fenpropatrin; Fipronil; Flonikamid; Fludioksonil; Flusilazol; Flutriafol; Heksakonazol; İmazalil; İmidakloprid; İndoksakarb; İprodion; Krezoksim-metil; Lambda-sihalotrin; Malation; Metalaksil; Metomil; Miklobutanil; Ometoat; Penkonazol; Permetrin; Pirimikarb; Piraklostrobin; Piridaben; Pirimetanil; Proklaraz; Profenofos; Propikonazol; Spinosad; Spirodiklofen; Tebukonazol; Tebufenpirad; Tetrakonazol; Tiakloprid; Tiametoksam; Tiofanat-metil; Triadimefon; Triadimenol; Trifloksistrobin. Pestisit kalıntıları (LC-MS/MS, GC-MS/MS): 2,4-D; Abamektin; Asefat; Asetamiprid; Azoksistrobin; Benalaksil; Bifentrin; Bitertanol; Boskalid; Bupirimat; Buprofezin; Kaptan; Karbaril; Karbendazim; Karbofuran; Klorantraniliprol; Klorpirifos; Klorpirifos-metil; Klotianidin; Siflutrin; Simoksanil; Sipermetrin; Siprokonazol; Siprodinil; Deltametrin; Diazinon; Diklorvos; Difenokonazol; Dimetoat; Dimetomorf; Emamektin benzoat; Epoksikonazol; Esfenvalerat; Etofenproks; Famoksadon; Fenamidon; Fenbukonazol; Fenheksamid; Fenpropatrin; Fipronil; Flonikamid; Fludioksonil; Flusilazol; Flutriafol; Heksakonazol; İmazalil; İmidakloprid; İndoksakarb; İprodion; Krezoksim-metil; Lambda-sihalotrin; Malation; Metalaksil; Metomil; Miklobutanil; Ometoat; Penkonazol; Permetrin; Pirimikarb; Piraklostrobin; Piridaben; Pirimetanil; Proklaraz; Profenofos; Propikonazol; Spinosad; Spirodiklofen; Tebukonazol; Tebufenpirad; Tetrakonazol; Tiakloprid; Tiametoksam; Tiofanat-metil; Triadimefon; Triadimenol; Trifloksistrobin.
FR-LAB-21 Rev.03	Sayfa 5 / 8
T.C.
TARIM VE ORMAN BAKANLIĞI
Gıda ve Yem Kontrol Merkez Araştırma Enstitüsü
TEST VE ANALİZ RAPORU
Rapor No	2024/12345	Tarih	11.03.2024
Numune No	12345	Sayfa	6 / 8
Analiz	Metot	Birim	Sonuç	Limit	Değerlendirme
Pestisit kalıntıları (LC-MS/MS, GC-MS/MS): 2,4-D; Abamektin; Asefat; Asetamiprid; Azoksistrobin; Benalaksil; Bifentrin; Bitertanol; Boskalid; Bupirimat; Buprofezin; Kaptan; Karbaril; Karbendazim; Karbofuran; Klorantraniliprol; Klorpirifos; Klorpirifos-metil; Klotianidin; Siflutrin; Simoksanil; Sipermetrin; Siprokonazol; Siprodinil; Deltametrin; Diazinon; Diklorvos; Difenokonazol; Dimetoat; Dimetomorf; Emamektin benzoat; Epoksikonazol; Esfenvalerat; Etofenproks; Famoksadon; Fenamidon; Fenbukonazol; Fenheksamid; Fenpropatrin; Fipronil; Flonikamid; Fludioksonil; Flusilazol; Flutriafol; Heksakonazol; İmazalil; İmidakloprid; İndoksakarb; İprodion; Krezoksim-metil; Lambda-sihalotrin; Malation; Metalaksil; Metomil; Miklobutanil; Ometoat; Penkonazol; Permetrin; Pirimikarb; Piraklostrobin; Piridaben; Pirimetanil; Proklaraz; Profenofos; Propikonazol; Spinosad; Spirodiklofen; Tebukonazol; Tebufenpirad; Tetrakonazol; Tiakloprid; Tiametoksam; Tiofanat-metil; Triadimefon; Triadimenol; Trifloksistrobin. Pestisit kalıntıları (LC-MS/MS, GC-MS/MS): 2,4-D; Abamektin; Asefat; Asetamiprid; Azoksistrobin; Benalaksil; Bifentrin; Bitertanol; Boskalid; Bupirimat; Buprofezin; Kaptan; Karbaril; Karbendazim; Karbofuran; Klorantraniliprol; Klorpirifos; Klorpirifos-metil; Klotianidin; Siflutrin; Simoksanil; Sipermetrin; Siprokonazol; Siprodinil; Deltametrin; Diazinon; Diklorvos; Difenokonazol; Dimetoat; Dimetomorf; Emamektin benzoat; Epoksikonazol; Esfenvalerat; Etofenproks; Famoksadon; Fenamidon; Fenbukonazol; Fenheksamid; Fenpropatrin; Fipronil; Flonikamid; Fludioksonil; Flusilazol; Flutriafol; Heksakonazol; İmazalil; İmidakloprid; İndoksakarb; İprodion; Krezoksim-metil; Lambda-sihalotrin; Malation; Metalaksil; Metomil; Miklobutanil; Ometoat; Penkonazol; Permetrin; Pirimikarb; Piraklostrobin; Piridaben; Pirimetanil; Proklaraz; Profenofos; Propikonazol; Spinosad; Spirodiklofen; Tebukonazol; Tebufenpirad; Tetrakonazol; Tiakloprid; Tiametoksam; Tiofanat-metil; Triadimefon; Triadimenol; Trifloksistrobin. Pestisit kalıntıları (LC-MS/MS, GC-MS/MS): 2,4-D; Abamektin; Asefat; Asetamiprid; Azoksistrobin; Benalaksil; Bifentrin; Bitertanol; Boskalid; Bupirimat; Buprofezin; Kaptan; Karbaril; Karbendazim; Karbofuran; Klorantraniliprol; Klorpirifos; Klorpirifos-metil; Klotianidin; Siflutrin; Simoksanil; Sipermetrin; Siprokonazol; Siprodinil; Deltametrin; Diazinon; Diklorvos; Difenokonazol; Dimetoat; Dimetomorf; Emamektin benzoat; Epoksikonazol; Esfenvalerat; Etofenproks; Famoksadon; Fenamidon; Fenbukonazol; Fenheksamid; Fenpropatrin; Fipronil; Flonikamid; Fludioksonil; Flusilazol; Flutriafol; Heksakonazol; İmazalil; İmidakloprid; İndoksakarb; İprodion; Krezoksim-metil; Lambda-sihalotrin; Malation; Metalaksil; Metomil; Miklobutanil; Ometoat; Penkonazol; Permetrin; Pirimikarb; Piraklostrobin; Piridaben; Pirimetanil; Proklaraz; Profenofos; Propikonazol; Spinosad; Spirodiklofen; Tebukonazol; Tebufenpirad; Tetrakonazol; Tiakloprid; Tiametoksam; Tiofanat-metil; Triadimefon; Triadimenol; Trifloksistrobin. Pestisit kalıntıları (LC-MS/MS, GC-MS/MS): 2,4-D; Abamektin; Asefat; Asetamiprid; Azoksistrobin; Benalaksil; Bifentrin; Bitertanol; Boskalid; Bupirimat; Buprofezin; Kaptan; Karbaril; Karbendazim; Karbofuran; Klorantraniliprol; Klorpirifos; Klorpirifos-metil; Klotianidin; Siflutrin; Simoksanil; Sipermetrin; Siprokonazol; Siprodinil; Deltametrin; Diazinon; Diklorvos; Difenokonazol; Dimetoat; Dimetomorf; Emamektin benzoat; Epoksikonazol; Esfenvalerat; Etofenproks; Famoksadon; Fenamidon; Fenbukonazol; Fenheksamid; Fenpropatrin; Fipronil; Flonikamid; Fludioksonil; Flusilazol; Flutriafol; Heksakonazol; İmazalil; İmidakloprid; İndoksakarb; İprodion; Krezoksim-metil; Lambda-sihalotrin; Malation; Metalaksil; Metomil; Miklobutanil; Ometoat; Penkonazol; Permetrin; Pirimikarb; Piraklostrobin; Piridaben; Pirimetanil; Proklaraz; Profenofos; Propikonazol; Spinosad; Spirodiklofen; Tebukonazol; Tebufenpirad; Tetrakonazol; Tiakloprid; Tiametoksam; Tiofanat-metil; Triadimefon; Triadimenol; Trifloksistrobin. Pestisit kalıntıları (LC-MS/MS, GC-MS/MS): 2,4-D; Abamektin; Asefat; Asetamiprid; Azoksistrobin; Benalaksil; Bifentrin; Bitertanol; Boskalid; Bupirimat; Buprofezin; Kaptan; Karbaril; Karbendazim; Karbofuran; Klorantraniliprol; Klorpirifos; Klorpirifos-metil; Klotianidin; Siflutrin; Simoksanil; Sipermetrin; Siprokonazol; Siprodinil; Deltametrin; Diazinon; Diklorvos; Difenokonazol; Dimetoat; Dimetomorf; Emamektin benzoat; Epoksikonazol; Esfenvalerat; Etofenproks; Famoksadon; Fenamidon; Fenbukonazol; Fenheksamid; Fenpropatrin; Fipronil; Flonikamid; Fludioksonil; Flusilazol; Flutriafol; Heksakonazol; İmazalil; İmidakloprid; İndoksakarb; İprodion; Krezoksim-metil; Lambda-sihalotrin; Malation; Metalaksil; Metomil; Miklobutanil; Ometoat; Penkonazol; Permetrin; Pirimikarb; Piraklostrobin; Piridaben; Pirimetanil; Proklaraz; Profenofos; Propikonazol; Spinosad; Spirodiklofen; Tebukonazol; Tebufenpirad; Tetrakonazol; Tiakloprid; Tiametoksam; Tiofanat-metil; Triadimefon; Triadimenol; Trifloksistrobin. Pestisit kalıntıları (LC-MS/MS, GC-MS/MS): 2,4-D; Abamektin; Asefat; Asetamiprid; Azoksistrobin; Benalaksil; Bifentrin; Bitertanol; Boskalid; Bupirimat; Buprofezin; Kaptan; Karbaril; Karbendazim; Karbofuran; Klorantraniliprol; Klorpirifos; Klorpirifos-metil; Klotianidin; Siflutrin; Simoksanil; Sipermetrin; Siprokonazol; Siprodinil; Deltametrin; Diazinon; Diklorvos; Difenokonazol; Dimetoat; Dimetomorf; Emamektin benzoat; Epoksikonazol; Esfenvalerat; Etofenproks; Famoksadon; Fenamidon; Fenbukonazol; Fenheksamid; Fenpropatrin; Fipronil; Flonikamid; Fludioksonil; Flusilazol; Flutriafol; Heksakonazol; İmazalil; İmidakloprid; İndoksakarb; İprodion; Krezoksim-metil; Lambda-sihalotrin; Malation; Metalaksil; Metomil; Miklobutanil; Ometoat; Penkonazol; Permetrin; Pirimikarb; Piraklostrobin; Piridaben; Pirimetanil; Proklaraz; Profenofos; Propikonazol; Spinosad; Spirodiklofen; Tebukonazol; Tebufenpirad; Tetrakonazol; Tiakloprid; Tiametoksam; Tiofanat-metil; Triadimefon; Triadimenol; Trifloksistrobin. Pestisit kalıntıları (LC-MS/MS, GC-MS/MS): 2,4-D; Abamektin; Asefat; Asetamiprid; Azoksistrobin; Benalaksil; Bifentrin; Bitertanol; Boskalid; Bupirimat; Buprofezin; Kaptan; Karbaril; Karbendazim; Karbofuran; Klorantraniliprol; Klorpirifos; Klorpirifos-metil; Klotianidin; Siflutrin; Simoksanil; Sipermetrin; Siprokonazol; Siprodinil; Deltametrin; Diazinon; Diklorvos; Difenokonazol; Dimetoat; Dimetomorf; Emamektin benzoat; Epoksikonazol; Esfenvalerat; Etofenproks; Famoksadon; Fenamidon; Fenbukonazol; Fenheksamid; Fenpropatrin; Fipronil; Flonikamid; Fludioksonil; Flusilazol; Flutriafol; Heksakonazol; İmazalil; İmidakloprid; İndoksakarb; İprodion; Krezoksim-metil; Lambda-sihalotrin; Malation; Metalaksil; Metomil; Miklobutanil; Ometoat; Penkonazol; Permetrin; Pirimikarb; Piraklostrobin; Piridaben; Pirimetanil; Proklaraz; Profenofos; Propikonazol; Spinosad; Spirodiklofen; Tebukonazol; Tebufenpirad; Tetrakonazol; Tiakloprid; Tiametoksam; Tiofanat-metil; Triadimefon; Triadimenol; Trifloksistrobin. Pestisit kalıntıları (LC-MS/MS, GC-MS/MS): 2,4-D; Abamektin; Asefat; Asetamiprid; Azoksistrobin; Benalaksil; Bifentrin; Bitertanol; Boskalid; Bupirimat; Buprofezin; Kaptan; Karbaril; Karbendazim; Karbofuran; Klorantraniliprol; Klorpirifos; Klorpirifos-metil; Klotianidin; Siflutrin; Simoksanil; Sipermetrin; Siprokonazol; Siprodinil; Deltametrin; Diazinon; Diklorvos; Difenokonazol; Dimetoat; Dimetomorf; Emamektin benzoat; Epoksikonazol; Esfenvalerat; Etofenproks; Famoksadon; Fenamidon; Fenbukonazol; Fenheksamid; Fenpropatrin; Fipronil; Flonikamid; Fludioksonil; Flusilazol; Flutriafol; Heksakonazol; İmazalil; İmidakloprid; İndoksakarb; İprodion; Krezoksim-metil; Lambda-sihalotrin; Malation; Metalaksil; Metomil; Miklobutanil; Ometoat; Penkonazol; Permetrin; Pirimikarb; Piraklostrobin; Piridaben; Pirimetanil; Proklaraz; Profenofos; Propikonazol; Spinosad; Spirodiklofen; Tebukonazol; Tebufenpirad; Tetrakonazol; Tiakloprid; Tiametoksam; Tiofanat-metil; Triadimefon; Triadimenol; Trifloksistrobin.
